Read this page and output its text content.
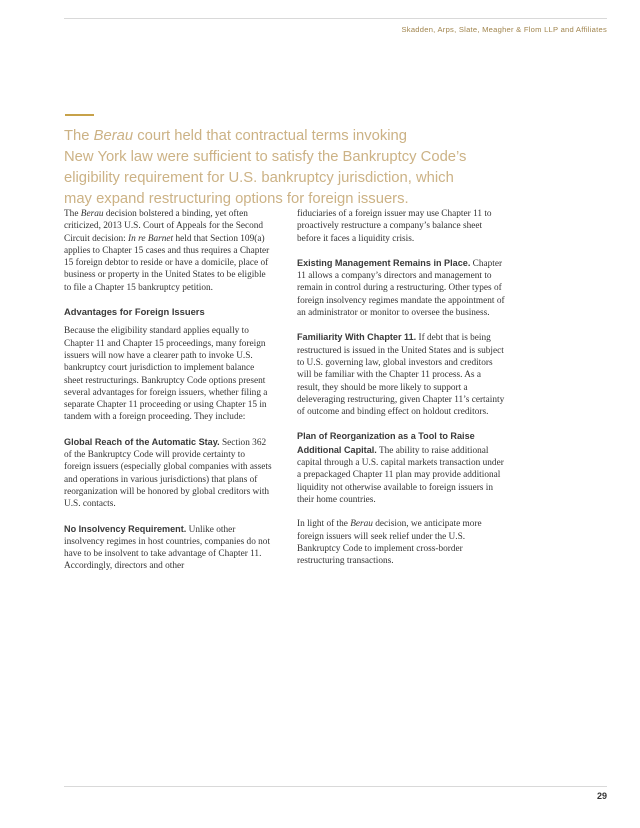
Skadden, Arps, Slate, Meagher & Flom LLP and Affiliates
The Berau court held that contractual terms invoking
New York law were sufficient to satisfy the Bankruptcy Code’s
eligibility requirement for U.S. bankruptcy jurisdiction, which
may expand restructuring options for foreign issuers.

The Berau decision bolstered a binding, yet often criticized, 2013 U.S. Court of Appeals for the Second Circuit decision: In re Barnet held that Section 109(a) applies to Chapter 15 cases and thus requires a Chapter 15 foreign debtor to reside or have a domicile, place of business or property in the United States to be eligible to file a Chapter 15 bankruptcy petition.

Advantages for Foreign Issuers

Because the eligibility standard applies equally to Chapter 11 and Chapter 15 proceedings, many foreign issuers will now have a clearer path to invoke U.S. bankruptcy court jurisdiction to implement balance sheet restructurings. Bankruptcy Code options present several advantages for foreign issuers, whether filing a separate Chapter 11 proceeding or using Chapter 15 in tandem with a foreign proceeding. They include:

Global Reach of the Automatic Stay. Section 362 of the Bankruptcy Code will provide certainty to foreign issuers (especially global companies with assets and operations in various jurisdictions) that plans of reorganization will be honored by global creditors with U.S. contacts.

No Insolvency Requirement. Unlike other insolvency regimes in host countries, companies do not have to be insolvent to take advantage of Chapter 11. Accordingly, directors and other

fiduciaries of a foreign issuer may use Chapter 11 to proactively restructure a company’s balance sheet before it faces a liquidity crisis.

Existing Management Remains in Place. Chapter 11 allows a company’s directors and management to remain in control during a restructuring. Other types of foreign insolvency regimes mandate the appointment of an administrator or monitor to oversee the business.

Familiarity With Chapter 11. If debt that is being restructured is issued in the United States and is subject to U.S. governing law, global investors and creditors will be familiar with the Chapter 11 process. As a result, they should be more likely to support a deleveraging restructuring, given Chapter 11’s certainty of outcome and binding effect on holdout creditors.

Plan of Reorganization as a Tool to Raise Additional Capital. The ability to raise additional capital through a U.S. capital markets transaction under a prepackaged Chapter 11 plan may provide additional liquidity not otherwise available to foreign issuers in their home countries.

In light of the Berau decision, we anticipate more foreign issuers will seek relief under the U.S. Bankruptcy Code to implement cross-border restructuring transactions.

29
